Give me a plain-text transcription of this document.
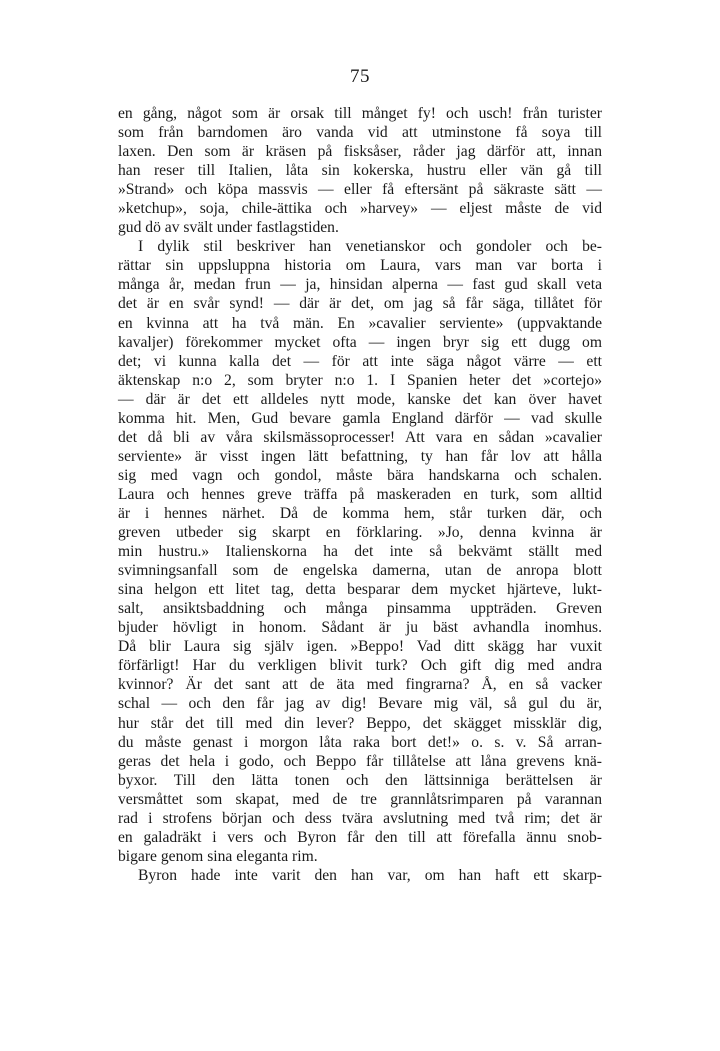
75
en gång, något som är orsak till månget fy! och usch! från turister
som från barndomen äro vanda vid att utminstone få soya till
laxen. Den som är kräsen på fisksåser, råder jag därför att, innan
han reser till Italien, låta sin kokerska, hustru eller vän gå till
»Strand» och köpa massvis — eller få eftersänt på säkraste sätt —
»ketchup», soja, chile-ättika och »harvey» — eljest måste de vid
gud dö av svält under fastlagstiden.
I dylik stil beskriver han venetianskor och gondoler och be-
rättar sin uppsluppna historia om Laura, vars man var borta i
många år, medan frun — ja, hinsidan alperna — fast gud skall veta
det är en svår synd! — där är det, om jag så får säga, tillåtet för
en kvinna att ha två män. En »cavalier serviente» (uppvaktande
kavaljer) förekommer mycket ofta — ingen bryr sig ett dugg om
det; vi kunna kalla det — för att inte säga något värre — ett
äktenskap n:o 2, som bryter n:o 1. I Spanien heter det »cortejo»
— där är det ett alldeles nytt mode, kanske det kan över havet
komma hit. Men, Gud bevare gamla England därför — vad skulle
det då bli av våra skilsmässoprocesser! Att vara en sådan »cavalier
serviente» är visst ingen lätt befattning, ty han får lov att hålla
sig med vagn och gondol, måste bära handskarna och schalen.
Laura och hennes greve träffa på maskeraden en turk, som alltid
är i hennes närhet. Då de komma hem, står turken där, och
greven utbeder sig skarpt en förklaring. »Jo, denna kvinna är
min hustru.» Italienskorna ha det inte så bekvämt ställt med
svimningsanfall som de engelska damerna, utan de anropa blott
sina helgon ett litet tag, detta besparar dem mycket hjärteve, lukt-
salt, ansiktsbaddning och många pinsamma uppträden. Greven
bjuder hövligt in honom. Sådant är ju bäst avhandla inomhus.
Då blir Laura sig själv igen. »Beppo! Vad ditt skägg har vuxit
förfärligt! Har du verkligen blivit turk? Och gift dig med andra
kvinnor? Är det sant att de äta med fingrarna? Å, en så vacker
schal — och den får jag av dig! Bevare mig väl, så gul du är,
hur står det till med din lever? Beppo, det skägget missklär dig,
du måste genast i morgon låta raka bort det!» o. s. v. Så arran-
geras det hela i godo, och Beppo får tillåtelse att låna grevens knä-
byxor. Till den lätta tonen och den lättsinniga berättelsen är
versmåttet som skapat, med de tre grannlåtsrimparen på varannan
rad i strofens början och dess tvära avslutning med två rim; det är
en galadräkt i vers och Byron får den till att förefalla ännu snob-
bigare genom sina eleganta rim.
Byron hade inte varit den han var, om han haft ett skarp-
